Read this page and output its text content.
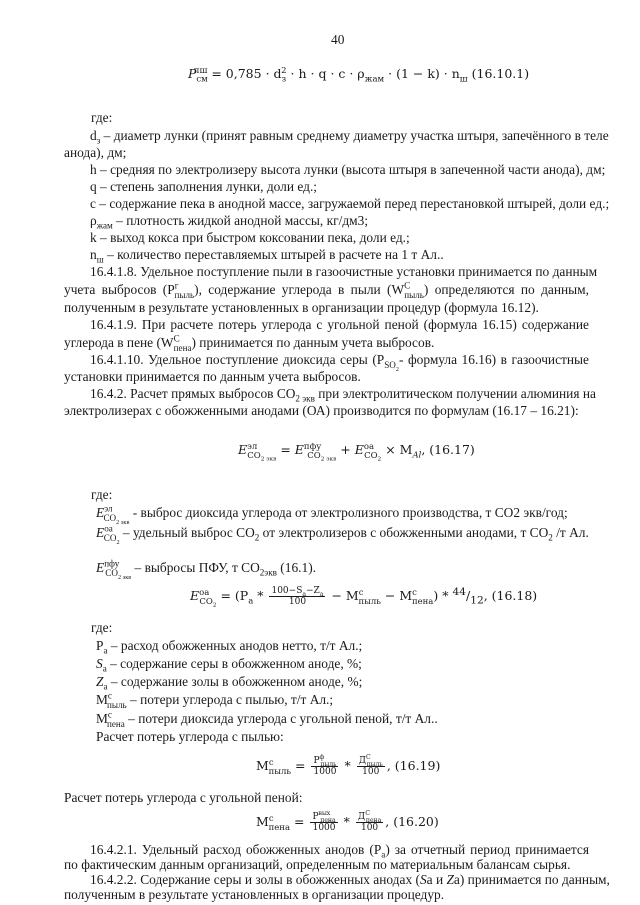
40
$P_{см}^{пш} = 0,785 \cdot d_з^2 \cdot h \cdot q \cdot c \cdot \rho_{жам} \cdot (1 - k) \cdot n_ш$ (16.10.1)
где:
$d_з$ – диаметр лунки (принят равным среднему диаметру участка штыря, запечённого в теле
анода), дм;
h – средняя по электролизеру высота лунки (высота штыря в запеченной части анода), дм;
q – степень заполнения лунки, доли ед.;
c – содержание пека в анодной массе, загружаемой перед перестановкой штырей, доли ед.;
$\rho_{жам}$ – плотность жидкой анодной массы, кг/дм3;
k – выход кокса при быстром коксовании пека, доли ед.;
$n_ш$ – количество переставляемых штырей в расчете на 1 т Ал..
16.4.1.8. Удельное поступление пыли в газоочистные установки принимается по данным
учета выбросов $(P^г_{пыль})$, содержание углерода в пыли $(W^С_{пыль})$ определяются по данным,
полученным в результате установленных в организации процедур (формула 16.12).
16.4.1.9. При расчете потерь углерода с угольной пеной (формула 16.15) содержание
углерода в пене $(W^С_{пена})$ принимается по данным учета выбросов.
16.4.1.10. Удельное поступление диоксида серы ($P_{SO_2}-$ формула 16.16) в газоочистные
установки принимается по данным учета выбросов.
16.4.2. Расчет прямых выбросов $CO_{2 экв}$ при электролитическом получении алюминия на
электролизерах с обожженными анодами (ОА) производится по формулам (16.17 – 16.21):
$E^{эл}_{CO_{2 экв}} = E^{пфу}_{CO_{2 экв}} + E^{оа}_{CO_2} \times M_{Al}$, (16.17)
где:
$E^{эл}_{CO_{2 экв}}$ - выброс диоксида углерода от электролизного производства, т CO2 экв/год;
$E^{оа}_{CO_2}$ – удельный выброс $CO_2$ от электролизеров с обожженными анодами, т $CO_2$ /т Ал.
$E^{пфу}_{CO_{2 экв}}$ – выбросы ПФУ, т $CO_{2экв}$ (16.1).
$E^{оа}_{CO_2} = (P_a * \frac{100-S_a-Z_a}{100} - M^c_{пыль} - M^c_{пена}) * ^{44}/_{12}$, (16.18)
где:
$P_a$ – расход обожженных анодов нетто, т/т Ал.;
$S_a$ – содержание серы в обожженном аноде, %;
$Z_a$ – содержание золы в обожженном аноде, %;
$M^c_{пыль}$ – потери углерода с пылью, т/т Ал.;
$M^c_{пена}$ – потери диоксида углерода с угольной пеной, т/т Ал..
Расчет потерь углерода с пылью:
$M^c_{пыль} = \frac{P^ф_{пыль}}{1000} * \frac{Д^С_{пыль}}{100}$ , (16.19)
Расчет потерь углерода с угольной пеной:
$M^c_{пена} = \frac{P^{вых}_{пена}}{1000} * \frac{Д^С_{пена}}{100}$ , (16.20)
16.4.2.1. Удельный расход обожженных анодов $(P_a)$ за отчетный период принимается
по фактическим данным организаций, определенным по материальным балансам сырья.
16.4.2.2. Содержание серы и золы в обожженных анодах (Sа и Zа) принимается по данным,
полученным в результате установленных в организации процедур.
